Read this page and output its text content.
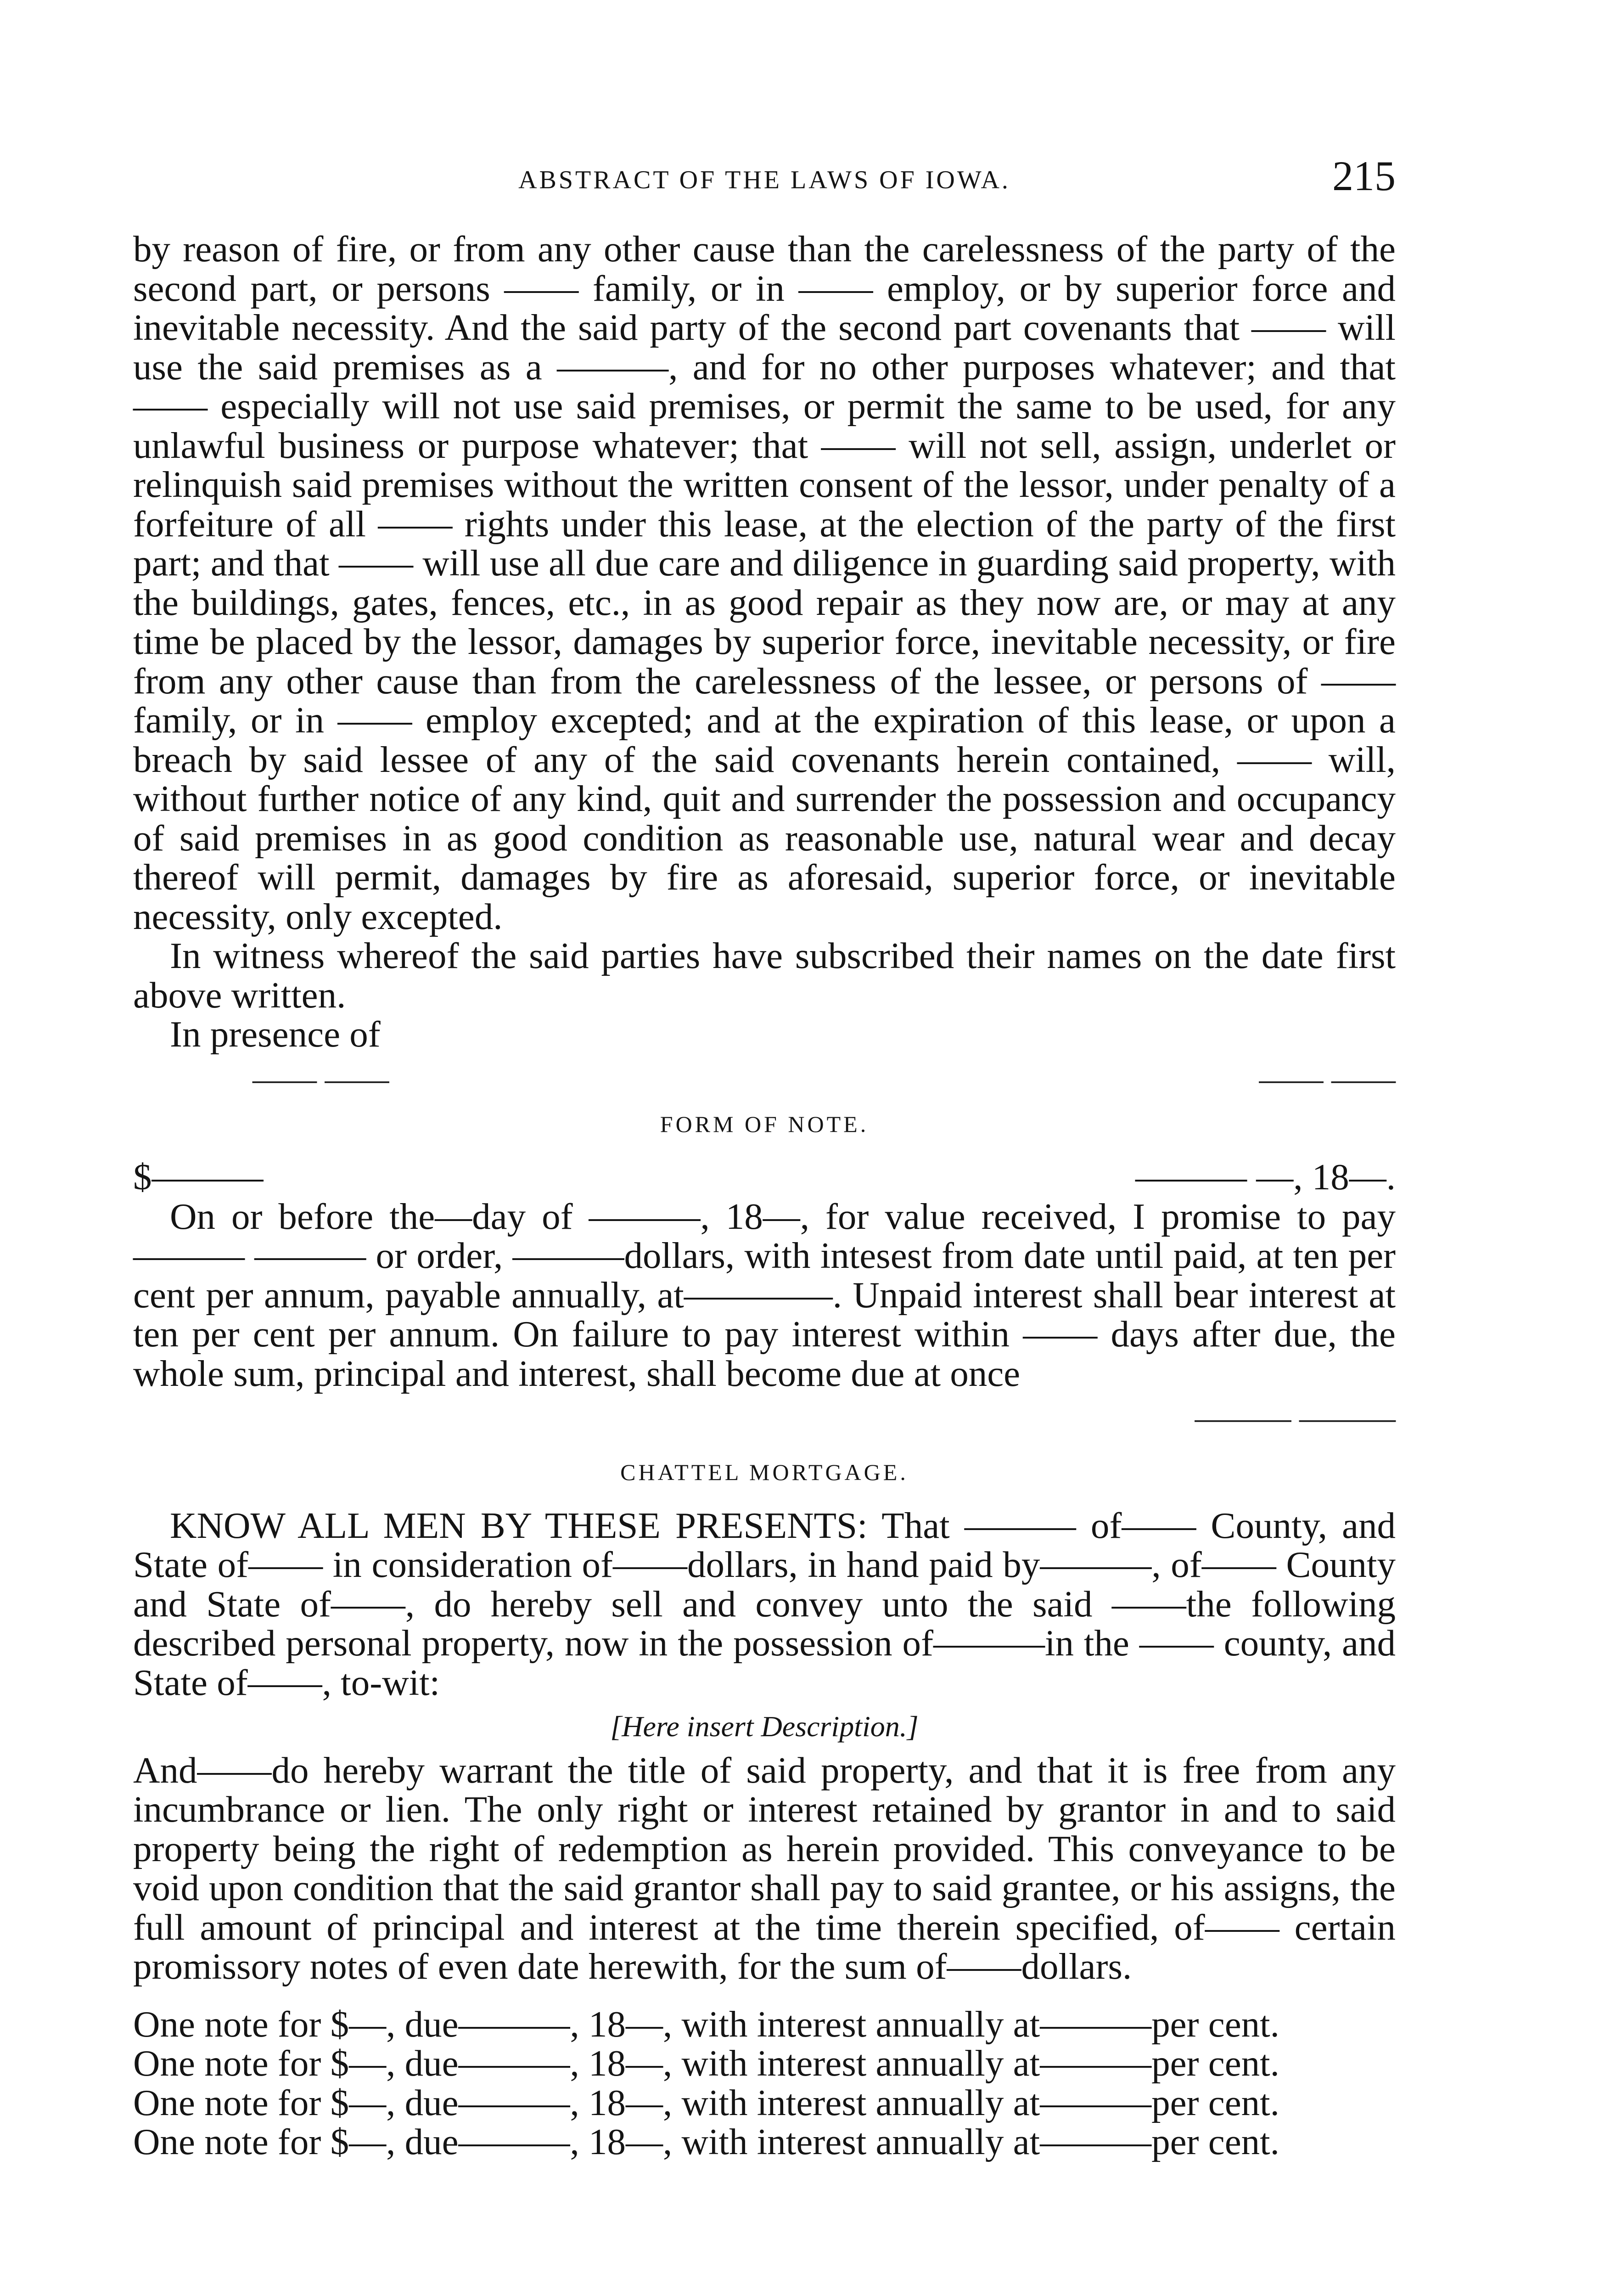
ABSTRACT OF THE LAWS OF IOWA.	215

by reason of fire, or from any other cause than the carelessness of the party of the second part, or persons —— family, or in —— employ, or by superior force and inevitable necessity. And the said party of the second part covenants that —— will use the said premises as a ———, and for no other purposes whatever; and that —— especially will not use said premises, or permit the same to be used, for any unlawful business or purpose whatever; that —— will not sell, assign, underlet or relinquish said premises without the written consent of the lessor, under penalty of a forfeiture of all —— rights under this lease, at the election of the party of the first part; and that —— will use all due care and diligence in guarding said property, with the buildings, gates, fences, etc., in as good repair as they now are, or may at any time be placed by the lessor, damages by superior force, inevitable necessity, or fire from any other cause than from the carelessness of the lessee, or persons of —— family, or in —— employ excepted; and at the expiration of this lease, or upon a breach by said lessee of any of the said covenants herein contained, —— will, without further notice of any kind, quit and surrender the possession and occupancy of said premises in as good condition as reasonable use, natural wear and decay thereof will permit, damages by fire as aforesaid, superior force, or inevitable necessity, only excepted.

In witness whereof the said parties have subscribed their names on the date first above written.

In presence of

—— ——	—— ——
FORM OF NOTE.
$———	——— —, 18—.

On or before the—day of ———, 18—, for value received, I promise to pay ——— ——— or order, ———dollars, with intesest from date until paid, at ten per cent per annum, payable annually, at————. Unpaid interest shall bear interest at ten per cent per annum. On failure to pay interest within —— days after due, the whole sum, principal and interest, shall become due at once

——— ———
CHATTEL MORTGAGE.

KNOW ALL MEN BY THESE PRESENTS: That ——— of—— County, and State of—— in consideration of——dollars, in hand paid by———, of—— County and State of——, do hereby sell and convey unto the said ——the following described personal property, now in the possession of———in the —— county, and State of——, to-wit:

[Here insert Description.]

And——do hereby warrant the title of said property, and that it is free from any incumbrance or lien. The only right or interest retained by grantor in and to said property being the right of redemption as herein provided. This conveyance to be void upon condition that the said grantor shall pay to said grantee, or his assigns, the full amount of principal and interest at the time therein specified, of—— certain promissory notes of even date herewith, for the sum of——dollars.

One note for $—, due———, 18—, with interest annually at———per cent.
One note for $—, due———, 18—, with interest annually at———per cent.
One note for $—, due———, 18—, with interest annually at———per cent.
One note for $—, due———, 18—, with interest annually at———per cent.
